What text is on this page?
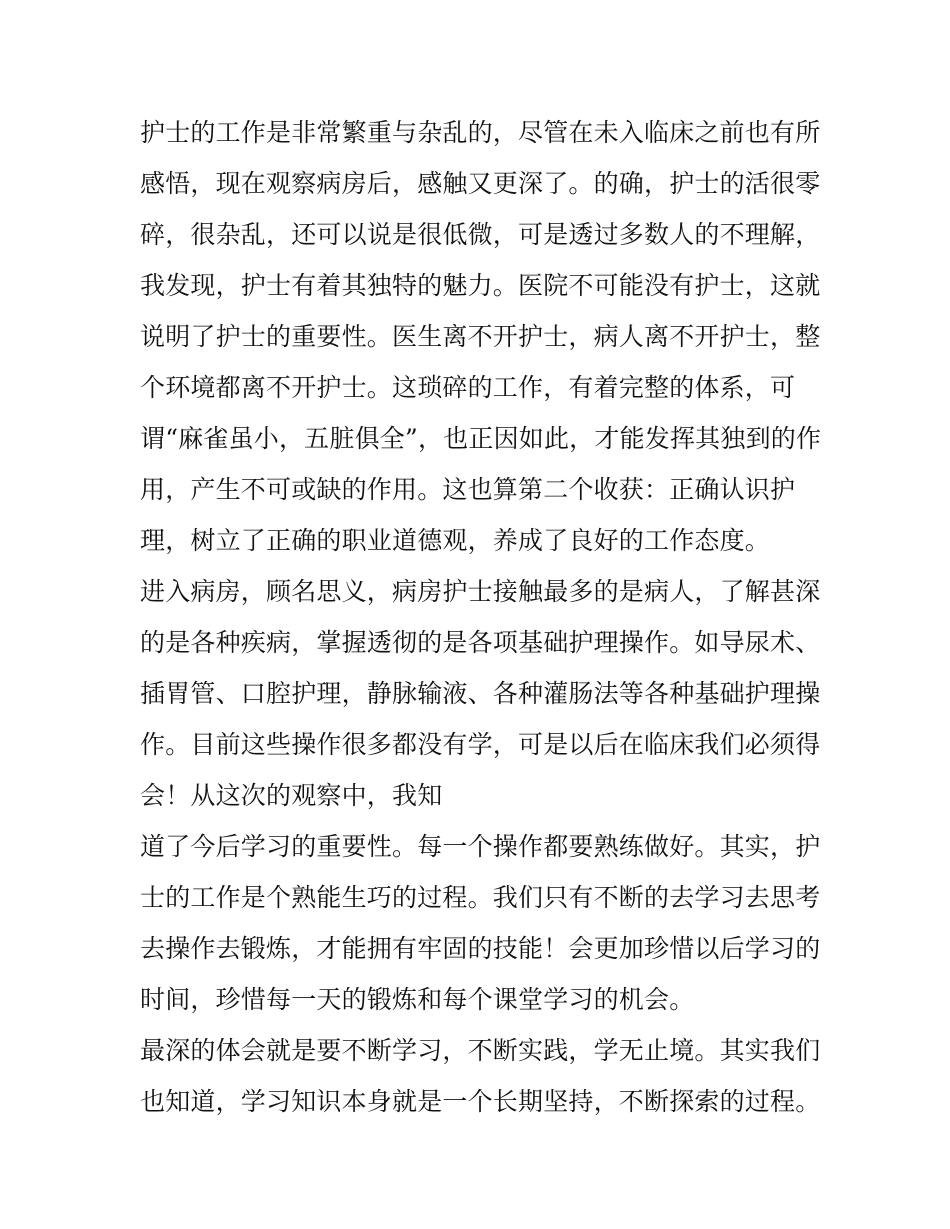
护士的工作是非常繁重与杂乱的，尽管在未入临床之前也有所
感悟，现在观察病房后，感触又更深了。的确，护士的活很零
碎，很杂乱，还可以说是很低微，可是透过多数人的不理解，
我发现，护士有着其独特的魅力。医院不可能没有护士，这就
说明了护士的重要性。医生离不开护士，病人离不开护士，整
个环境都离不开护士。这琐碎的工作，有着完整的体系，可
谓“麻雀虽小，五脏俱全”，也正因如此，才能发挥其独到的作
用，产生不可或缺的作用。这也算第二个收获：正确认识护
理，树立了正确的职业道德观，养成了良好的工作态度。
进入病房，顾名思义，病房护士接触最多的是病人，了解甚深
的是各种疾病，掌握透彻的是各项基础护理操作。如导尿术、
插胃管、口腔护理，静脉输液、各种灌肠法等各种基础护理操
作。目前这些操作很多都没有学，可是以后在临床我们必须得
会！从这次的观察中，我知
道了今后学习的重要性。每一个操作都要熟练做好。其实，护
士的工作是个熟能生巧的过程。我们只有不断的去学习去思考
去操作去锻炼，才能拥有牢固的技能！会更加珍惜以后学习的
时间，珍惜每一天的锻炼和每个课堂学习的机会。
最深的体会就是要不断学习，不断实践，学无止境。其实我们
也知道，学习知识本身就是一个长期坚持，不断探索的过程。
